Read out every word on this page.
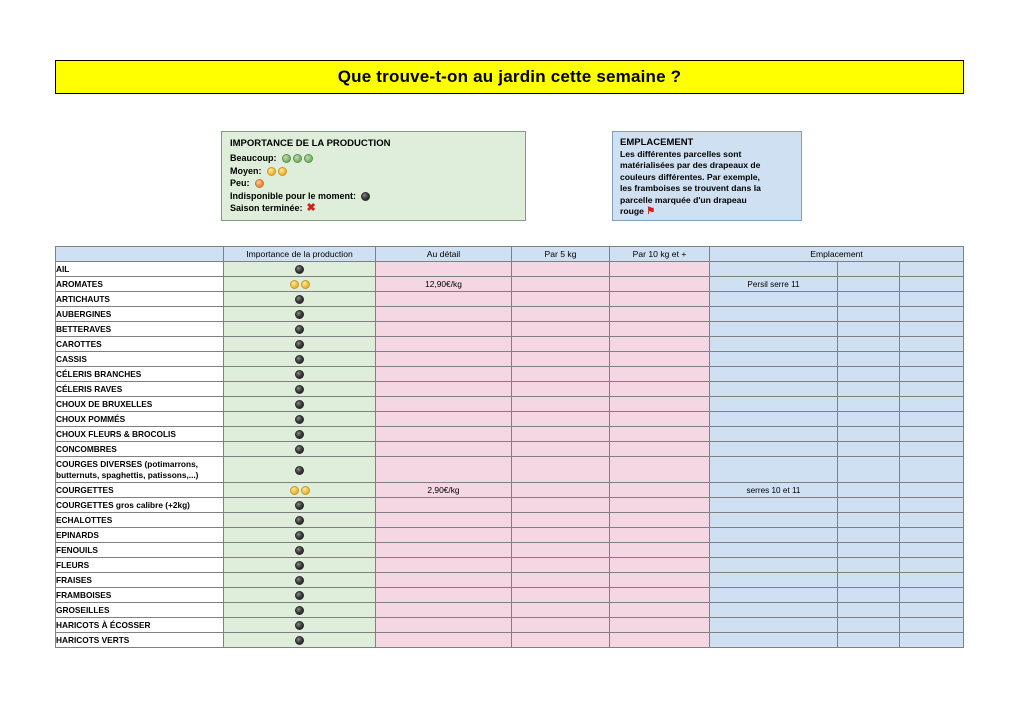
Que trouve-t-on au jardin cette semaine ?
IMPORTANCE DE LA PRODUCTION
Beaucoup:
Moyen:
Peu:
Indisponible pour le moment:
Saison terminée: ✖
EMPLACEMENT
Les différentes parcelles sont
matérialisées par des drapeaux de
couleurs différentes. Par exemple,
les framboises se trouvent dans la
parcelle marquée d'un drapeau
rouge ⚑
	Importance de la production	Au détail	Par 5 kg	Par 10 kg et +	Emplacement		
AIL							
AROMATES		12,90€/kg			Persil serre 11		
ARTICHAUTS							
AUBERGINES							
BETTERAVES							
CAROTTES							
CASSIS							
CÉLERIS BRANCHES							
CÉLERIS RAVES							
CHOUX DE BRUXELLES							
CHOUX POMMÉS							
CHOUX FLEURS & BROCOLIS							
CONCOMBRES							
COURGES DIVERSES (potimarrons, butternuts, spaghettis, patissons,...)							
COURGETTES		2,90€/kg			serres 10 et 11		
COURGETTES gros calibre (+2kg)							
ECHALOTTES							
EPINARDS							
FENOUILS							
FLEURS							
FRAISES							
FRAMBOISES							
GROSEILLES							
HARICOTS À ÉCOSSER							
HARICOTS VERTS							
